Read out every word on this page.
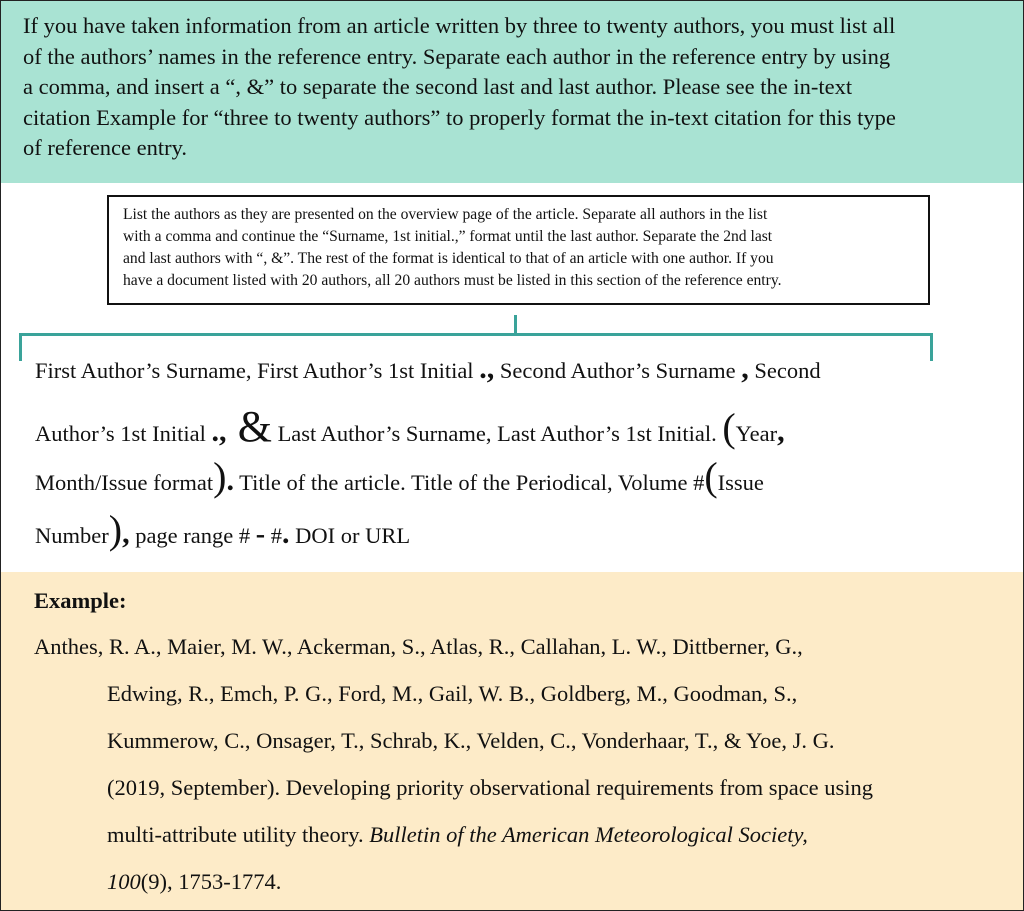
If you have taken information from an article written by three to twenty authors, you must list all
of the authors’ names in the reference entry. Separate each author in the reference entry by using
a comma, and insert a “, &” to separate the second last and last author. Please see the in-text
citation Example for “three to twenty authors” to properly format the in-text citation for this type
of reference entry.
List the authors as they are presented on the overview page of the article. Separate all authors in the list
with a comma and continue the “Surname, 1st initial.,” format until the last author. Separate the 2nd last
and last authors with “, &”. The rest of the format is identical to that of an article with one author. If you
have a document listed with 20 authors, all 20 authors must be listed in this section of the reference entry.
First Author’s Surname, First Author’s 1st Initial ., Second Author’s Surname , Second
Author’s 1st Initial ., & Last Author’s Surname, Last Author’s 1st Initial. (Year,
Month/Issue format). Title of the article. Title of the Periodical, Volume #(Issue
Number), page range # - #. DOI or URL
Example:
Anthes, R. A., Maier, M. W., Ackerman, S., Atlas, R., Callahan, L. W., Dittberner, G.,
Edwing, R., Emch, P. G., Ford, M., Gail, W. B., Goldberg, M., Goodman, S.,
Kummerow, C., Onsager, T., Schrab, K., Velden, C., Vonderhaar, T., & Yoe, J. G.
(2019, September). Developing priority observational requirements from space using
multi-attribute utility theory. Bulletin of the American Meteorological Society,
100(9), 1753-1774.
